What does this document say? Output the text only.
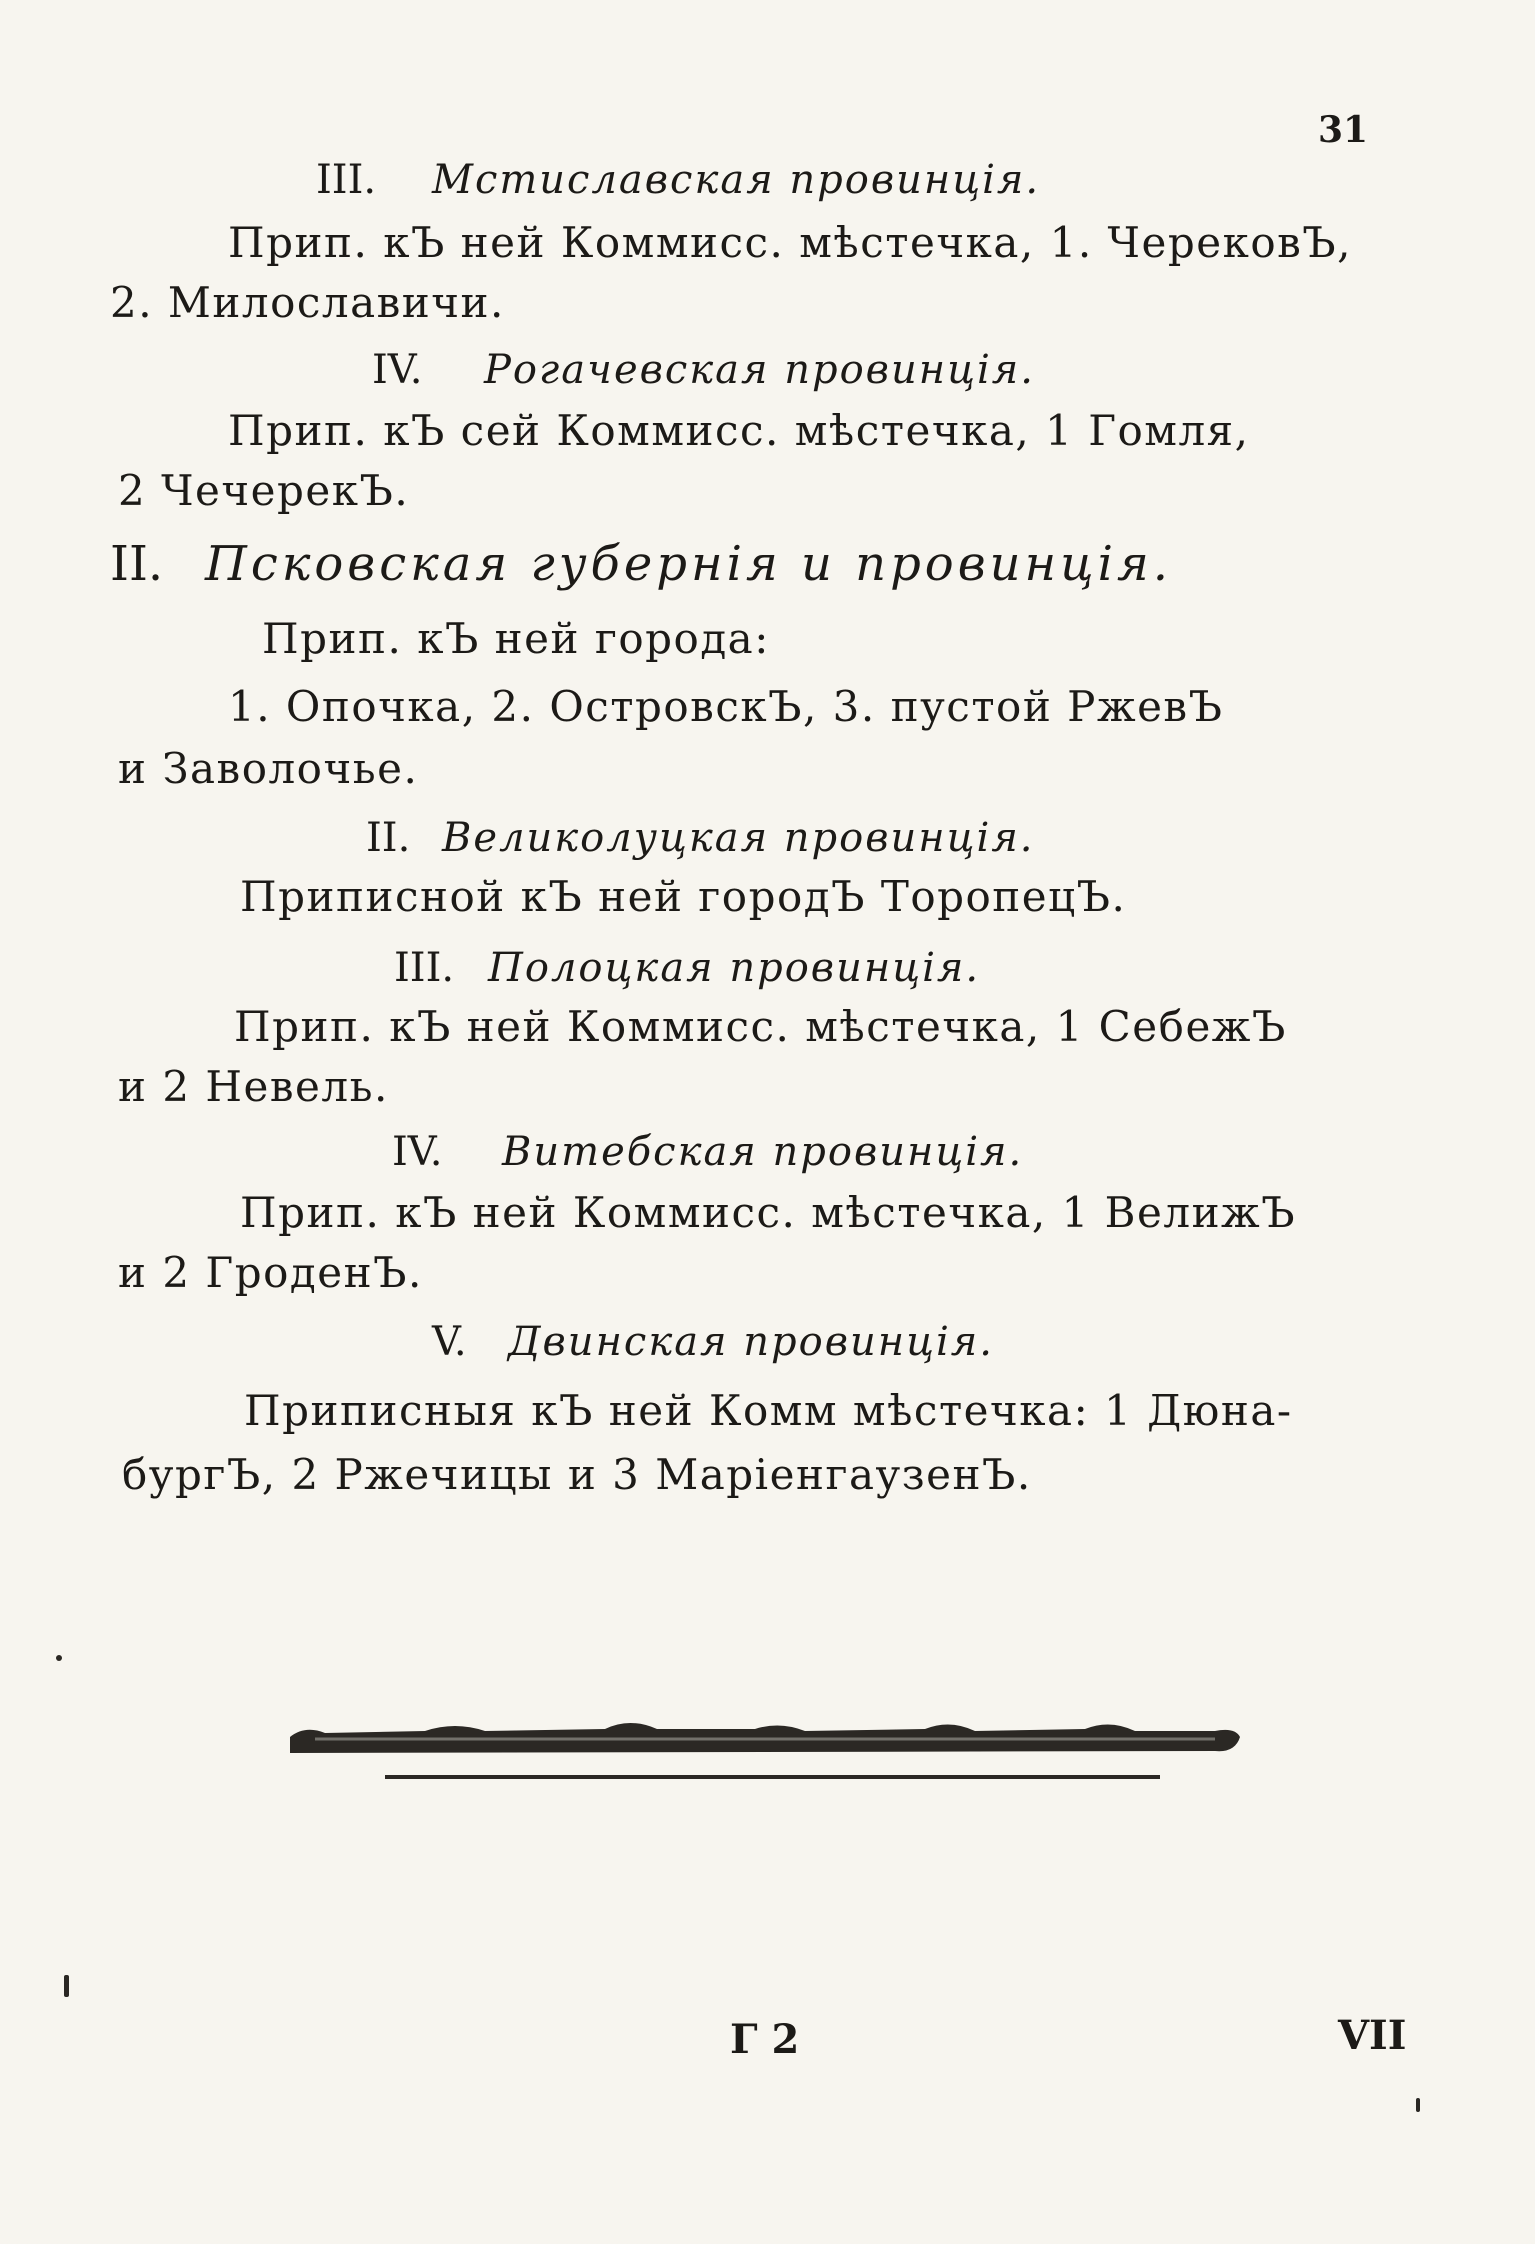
31
III. Мстиславская провинція.
Прип. кЪ ней Коммисс. мѣстечка, 1. ЧерековЪ,
2. Милославичи.
IV. Рогачевская провинція.
Прип. кЪ сей Коммисс. мѣстечка, 1 Гомля,
2 ЧечерекЪ.
II. Псковская губернія и провинція.
Прип. кЪ ней города:
1. Опочка, 2. ОстровскЪ, 3. пустой РжевЪ
и Заволочье.
II. Великолуцкая провинція.
Приписной кЪ ней городЪ ТоропецЪ.
III. Полоцкая провинція.
Прип. кЪ ней Коммисс. мѣстечка, 1 СебежЪ
и 2 Невель.
IV. Витебская провинція.
Прип. кЪ ней Коммисс. мѣстечка, 1 ВелижЪ
и 2 ГроденЪ.
V. Двинская провинція.
Приписныя кЪ ней Комм мѣстечка: 1 Дюна-
бургЪ, 2 Ржечицы и 3 МаріенгаузенЪ.
Г 2	VII
